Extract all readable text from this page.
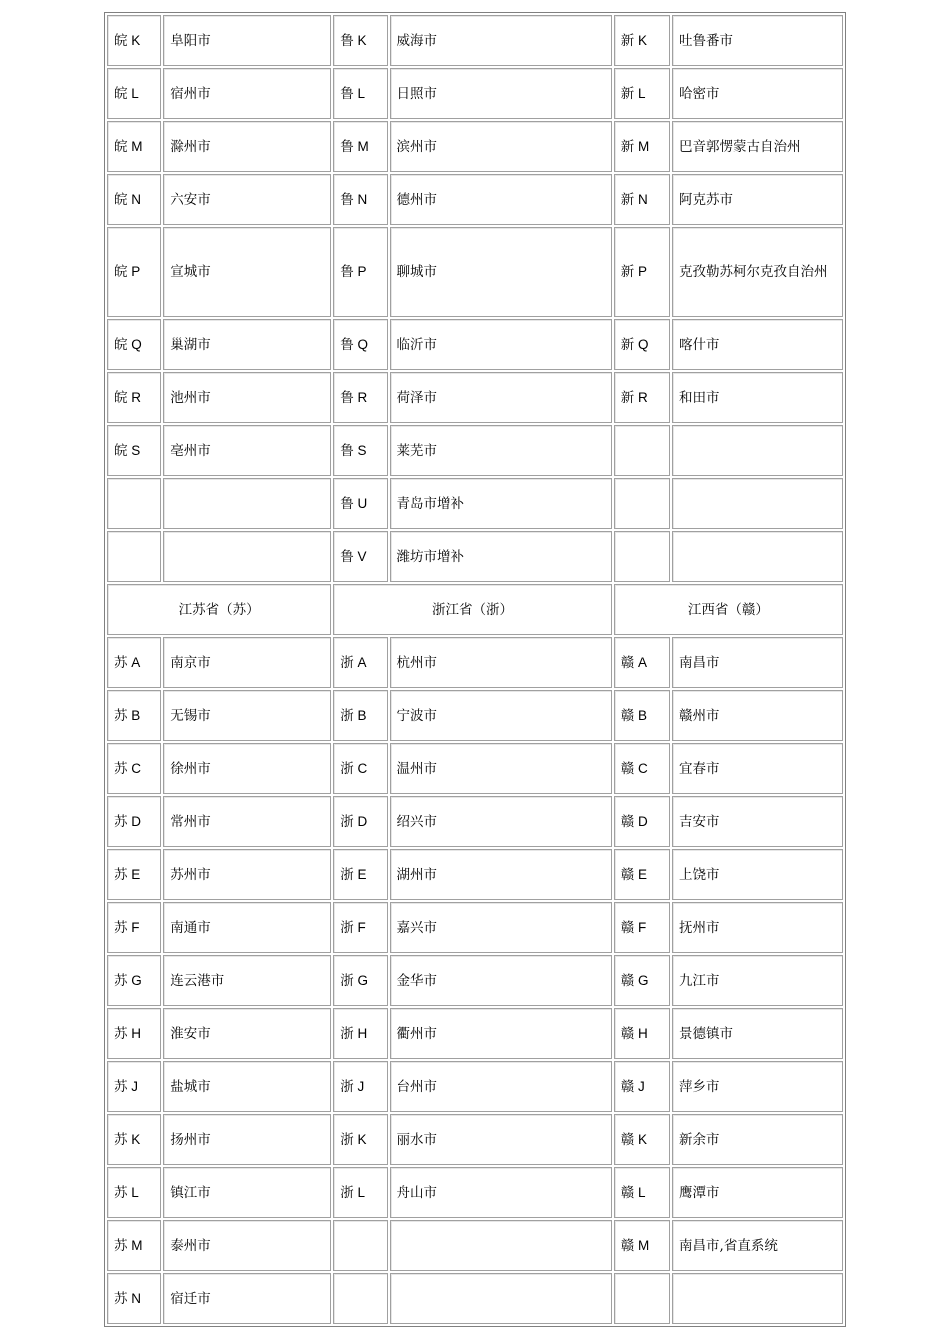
皖 K	阜阳市	鲁 K	威海市	新 K	吐鲁番市
皖 L	宿州市	鲁 L	日照市	新 L	哈密市
皖 M	滁州市	鲁 M	滨州市	新 M	巴音郭愣蒙古自治州
皖 N	六安市	鲁 N	德州市	新 N	阿克苏市
皖 P	宣城市	鲁 P	聊城市	新 P	克孜勒苏柯尔克孜自治州
皖 Q	巢湖市	鲁 Q	临沂市	新 Q	喀什市
皖 R	池州市	鲁 R	荷泽市	新 R	和田市
皖 S	亳州市	鲁 S	莱芜市		
		鲁 U	青岛市增补		
		鲁 V	潍坊市增补		
江苏省（苏）		浙江省（浙）		江西省（赣）	
苏 A	南京市	浙 A	杭州市	赣 A	南昌市
苏 B	无锡市	浙 B	宁波市	赣 B	赣州市
苏 C	徐州市	浙 C	温州市	赣 C	宜春市
苏 D	常州市	浙 D	绍兴市	赣 D	吉安市
苏 E	苏州市	浙 E	湖州市	赣 E	上饶市
苏 F	南通市	浙 F	嘉兴市	赣 F	抚州市
苏 G	连云港市	浙 G	金华市	赣 G	九江市
苏 H	淮安市	浙 H	衢州市	赣 H	景德镇市
苏 J	盐城市	浙 J	台州市	赣 J	萍乡市
苏 K	扬州市	浙 K	丽水市	赣 K	新余市
苏 L	镇江市	浙 L	舟山市	赣 L	鹰潭市
苏 M	泰州市			赣 M	南昌市,省直系统
苏 N	宿迁市				
